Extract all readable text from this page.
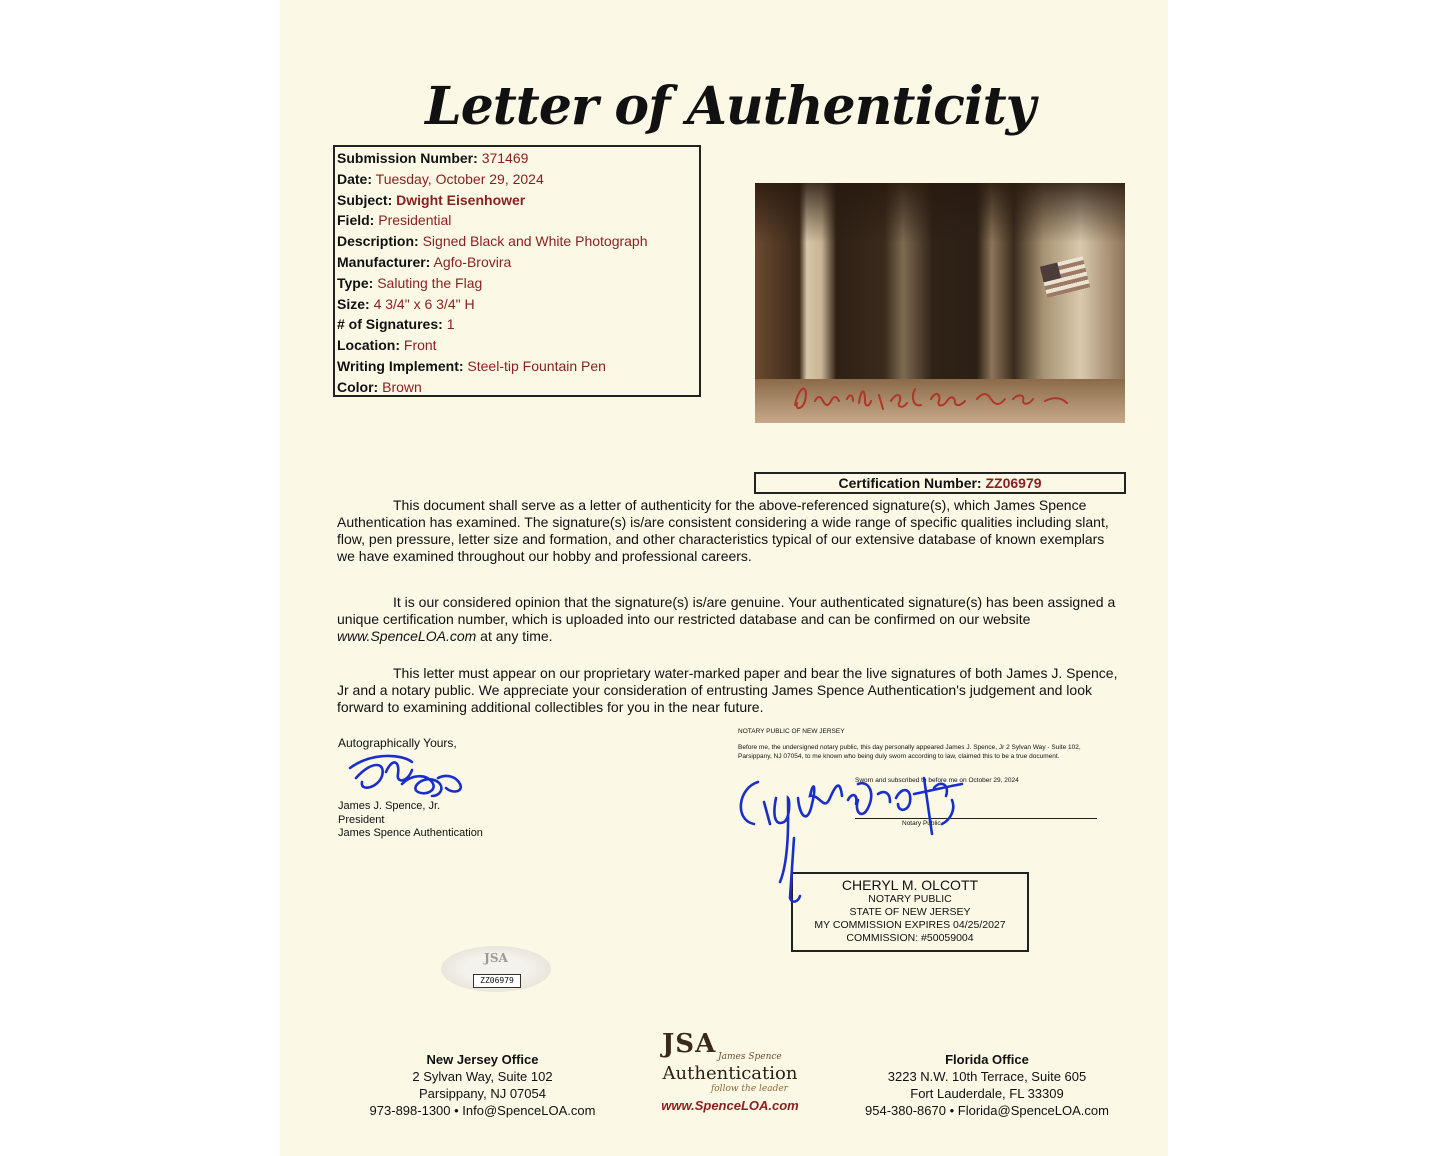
Letter of Authenticity
Submission Number: 371469
Date: Tuesday, October 29, 2024
Subject: Dwight Eisenhower
Field: Presidential
Description: Signed Black and White Photograph
Manufacturer: Agfo-Brovira
Type: Saluting the Flag
Size: 4 3/4" x 6 3/4" H
# of Signatures: 1
Location: Front
Writing Implement: Steel-tip Fountain Pen
Color: Brown
Certification Number: ZZ06979

This document shall serve as a letter of authenticity for the above-referenced signature(s), which James Spence Authentication has examined. The signature(s) is/are consistent considering a wide range of specific qualities including slant, flow, pen pressure, letter size and formation, and other characteristics typical of our extensive database of known exemplars we have examined throughout our hobby and professional careers.

It is our considered opinion that the signature(s) is/are genuine. Your authenticated signature(s) has been assigned a unique certification number, which is uploaded into our restricted database and can be confirmed on our website www.SpenceLOA.com at any time.

This letter must appear on our proprietary water-marked paper and bear the live signatures of both James J. Spence, Jr and a notary public. We appreciate your consideration of entrusting James Spence Authentication's judgement and look forward to examining additional collectibles for you in the near future.

Autographically Yours,
James J. Spence, Jr.
President
James Spence Authentication
NOTARY PUBLIC OF NEW JERSEY
Before me, the undersigned notary public, this day personally appeared James J. Spence, Jr 2 Sylvan Way - Suite 102, Parsippany, NJ 07054, to me known who being duly sworn according to law, claimed this to be a true document.
Sworn and subscribed to before me on October 29, 2024
Notary Public
CHERYL M. OLCOTT
NOTARY PUBLIC
STATE OF NEW JERSEY
MY COMMISSION EXPIRES 04/25/2027
COMMISSION: #50059004
JSA
ZZ06979
New Jersey Office
2 Sylvan Way, Suite 102
Parsippany, NJ 07054
973-898-1300 • Info@SpenceLOA.com
JSA James Spence
Authentication
follow the leader
www.SpenceLOA.com
Florida Office
3223 N.W. 10th Terrace, Suite 605
Fort Lauderdale, FL 33309
954-380-8670 • Florida@SpenceLOA.com
